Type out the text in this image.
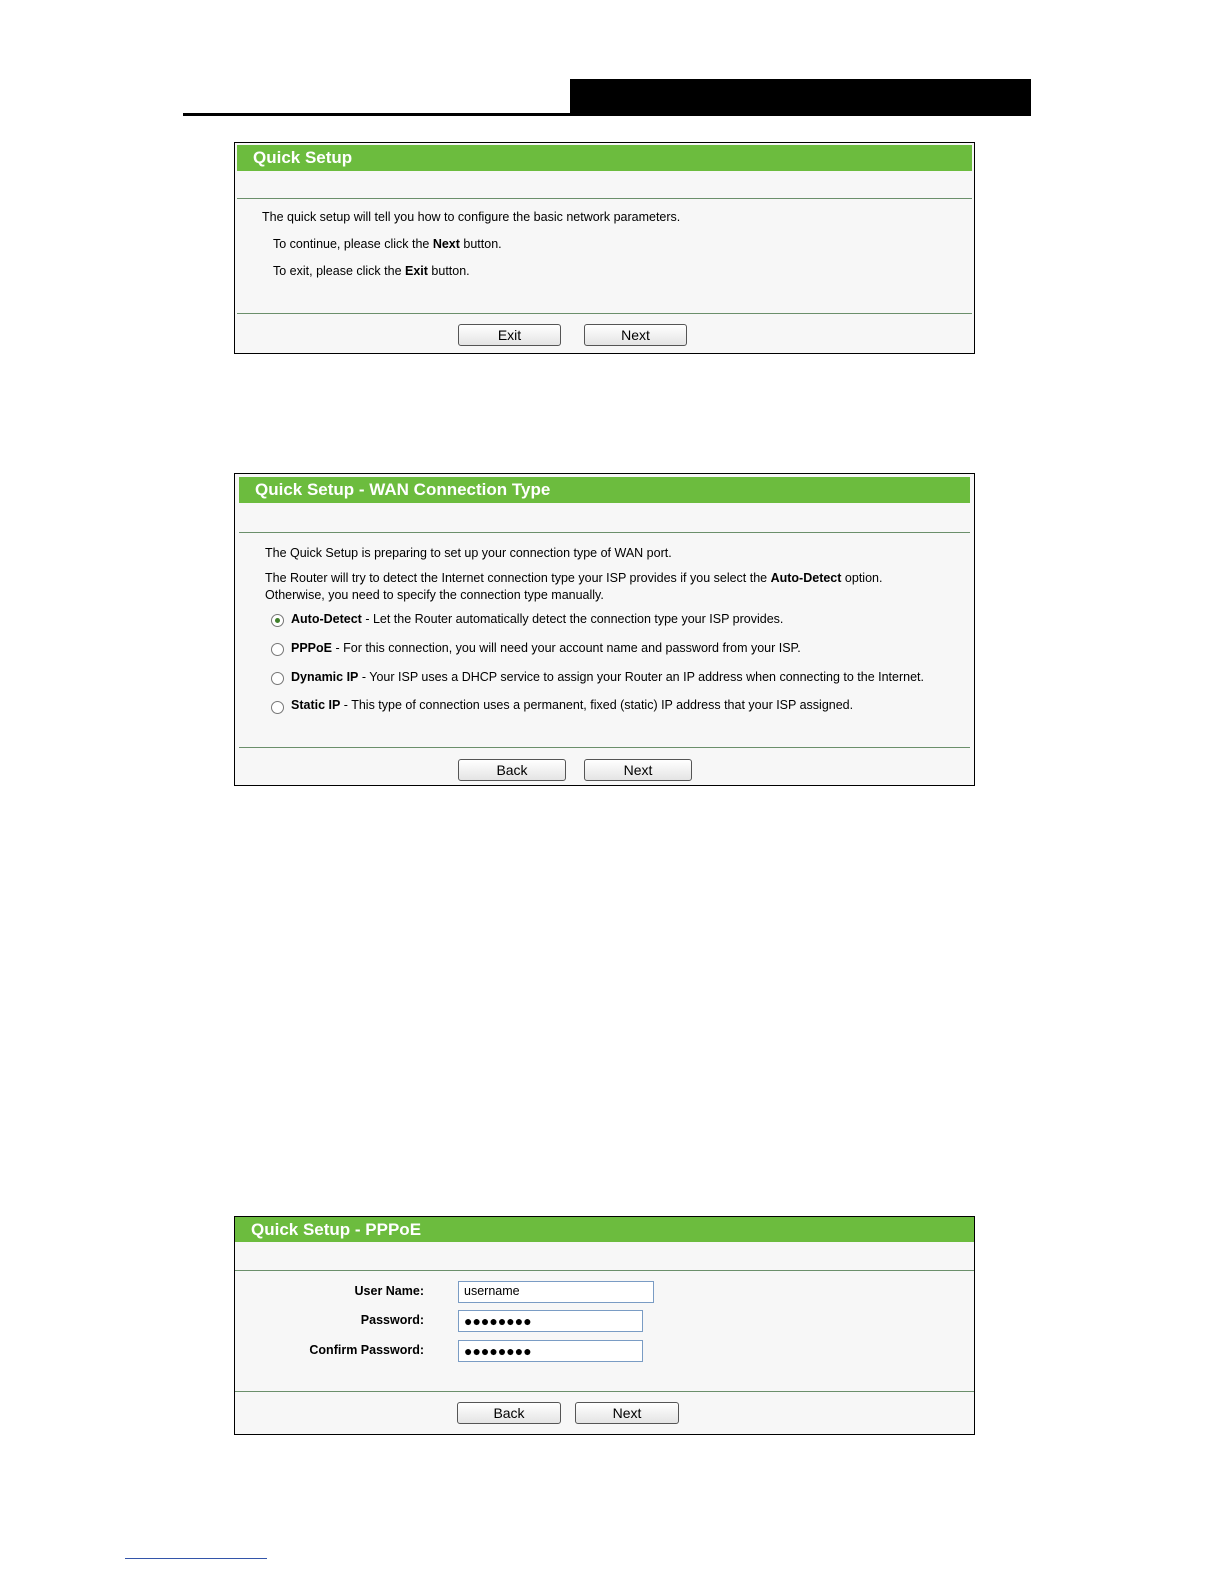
Quick Setup
The quick setup will tell you how to configure the basic network parameters.
To continue, please click the Next button.
To exit, please click the Exit button.
Exit	Next
Quick Setup - WAN Connection Type
The Quick Setup is preparing to set up your connection type of WAN port.
The Router will try to detect the Internet connection type your ISP provides if you select the Auto-Detect option.
Otherwise, you need to specify the connection type manually.
Auto-Detect - Let the Router automatically detect the connection type your ISP provides.
PPPoE - For this connection, you will need your account name and password from your ISP.
Dynamic IP - Your ISP uses a DHCP service to assign your Router an IP address when connecting to the Internet.
Static IP - This type of connection uses a permanent, fixed (static) IP address that your ISP assigned.
Back	Next
Quick Setup - PPPoE
User Name:	username
Password:	●●●●●●●●
Confirm Password:	●●●●●●●●
Back	Next
